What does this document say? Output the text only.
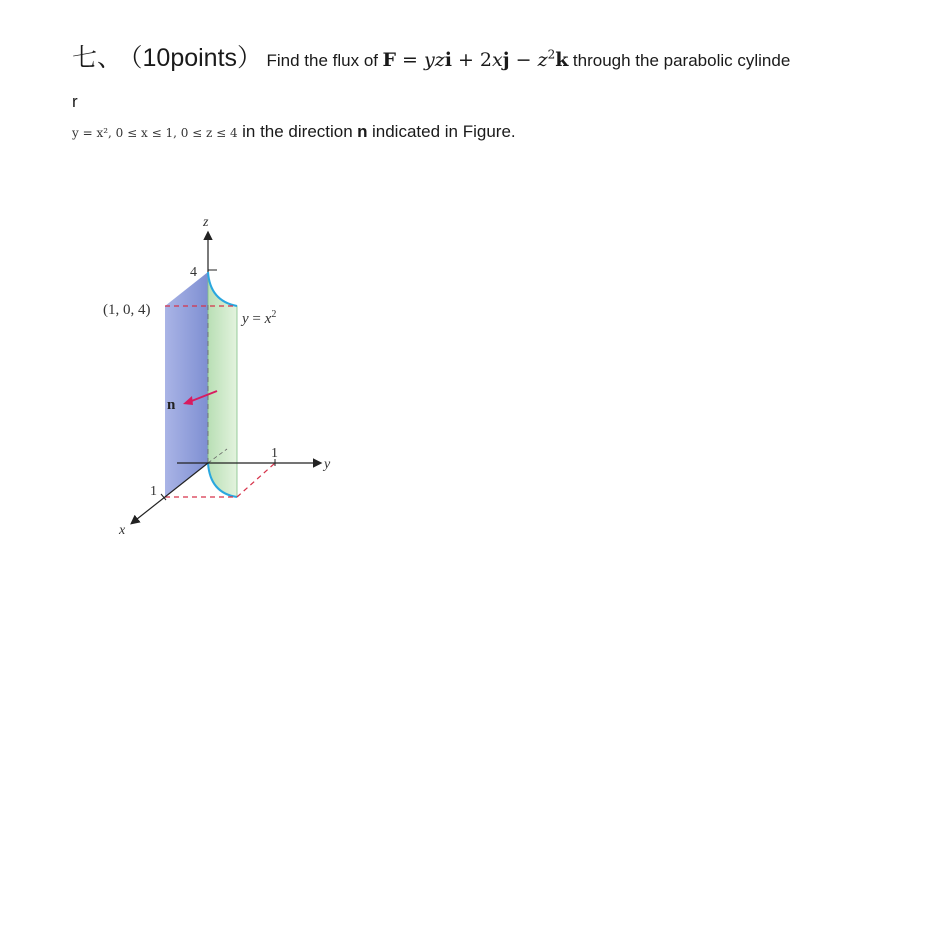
七、 （10points） Find the flux of F = yzi + $2xj - z^2k$ through the parabolic cylinde
r
y = x², 0 ≤ x ≤ 1, 0 ≤ z ≤ 4 in the direction n indicated in Figure.
z
y
x
4
1
1
(1, 0, 4)
$y = x^2$
n
